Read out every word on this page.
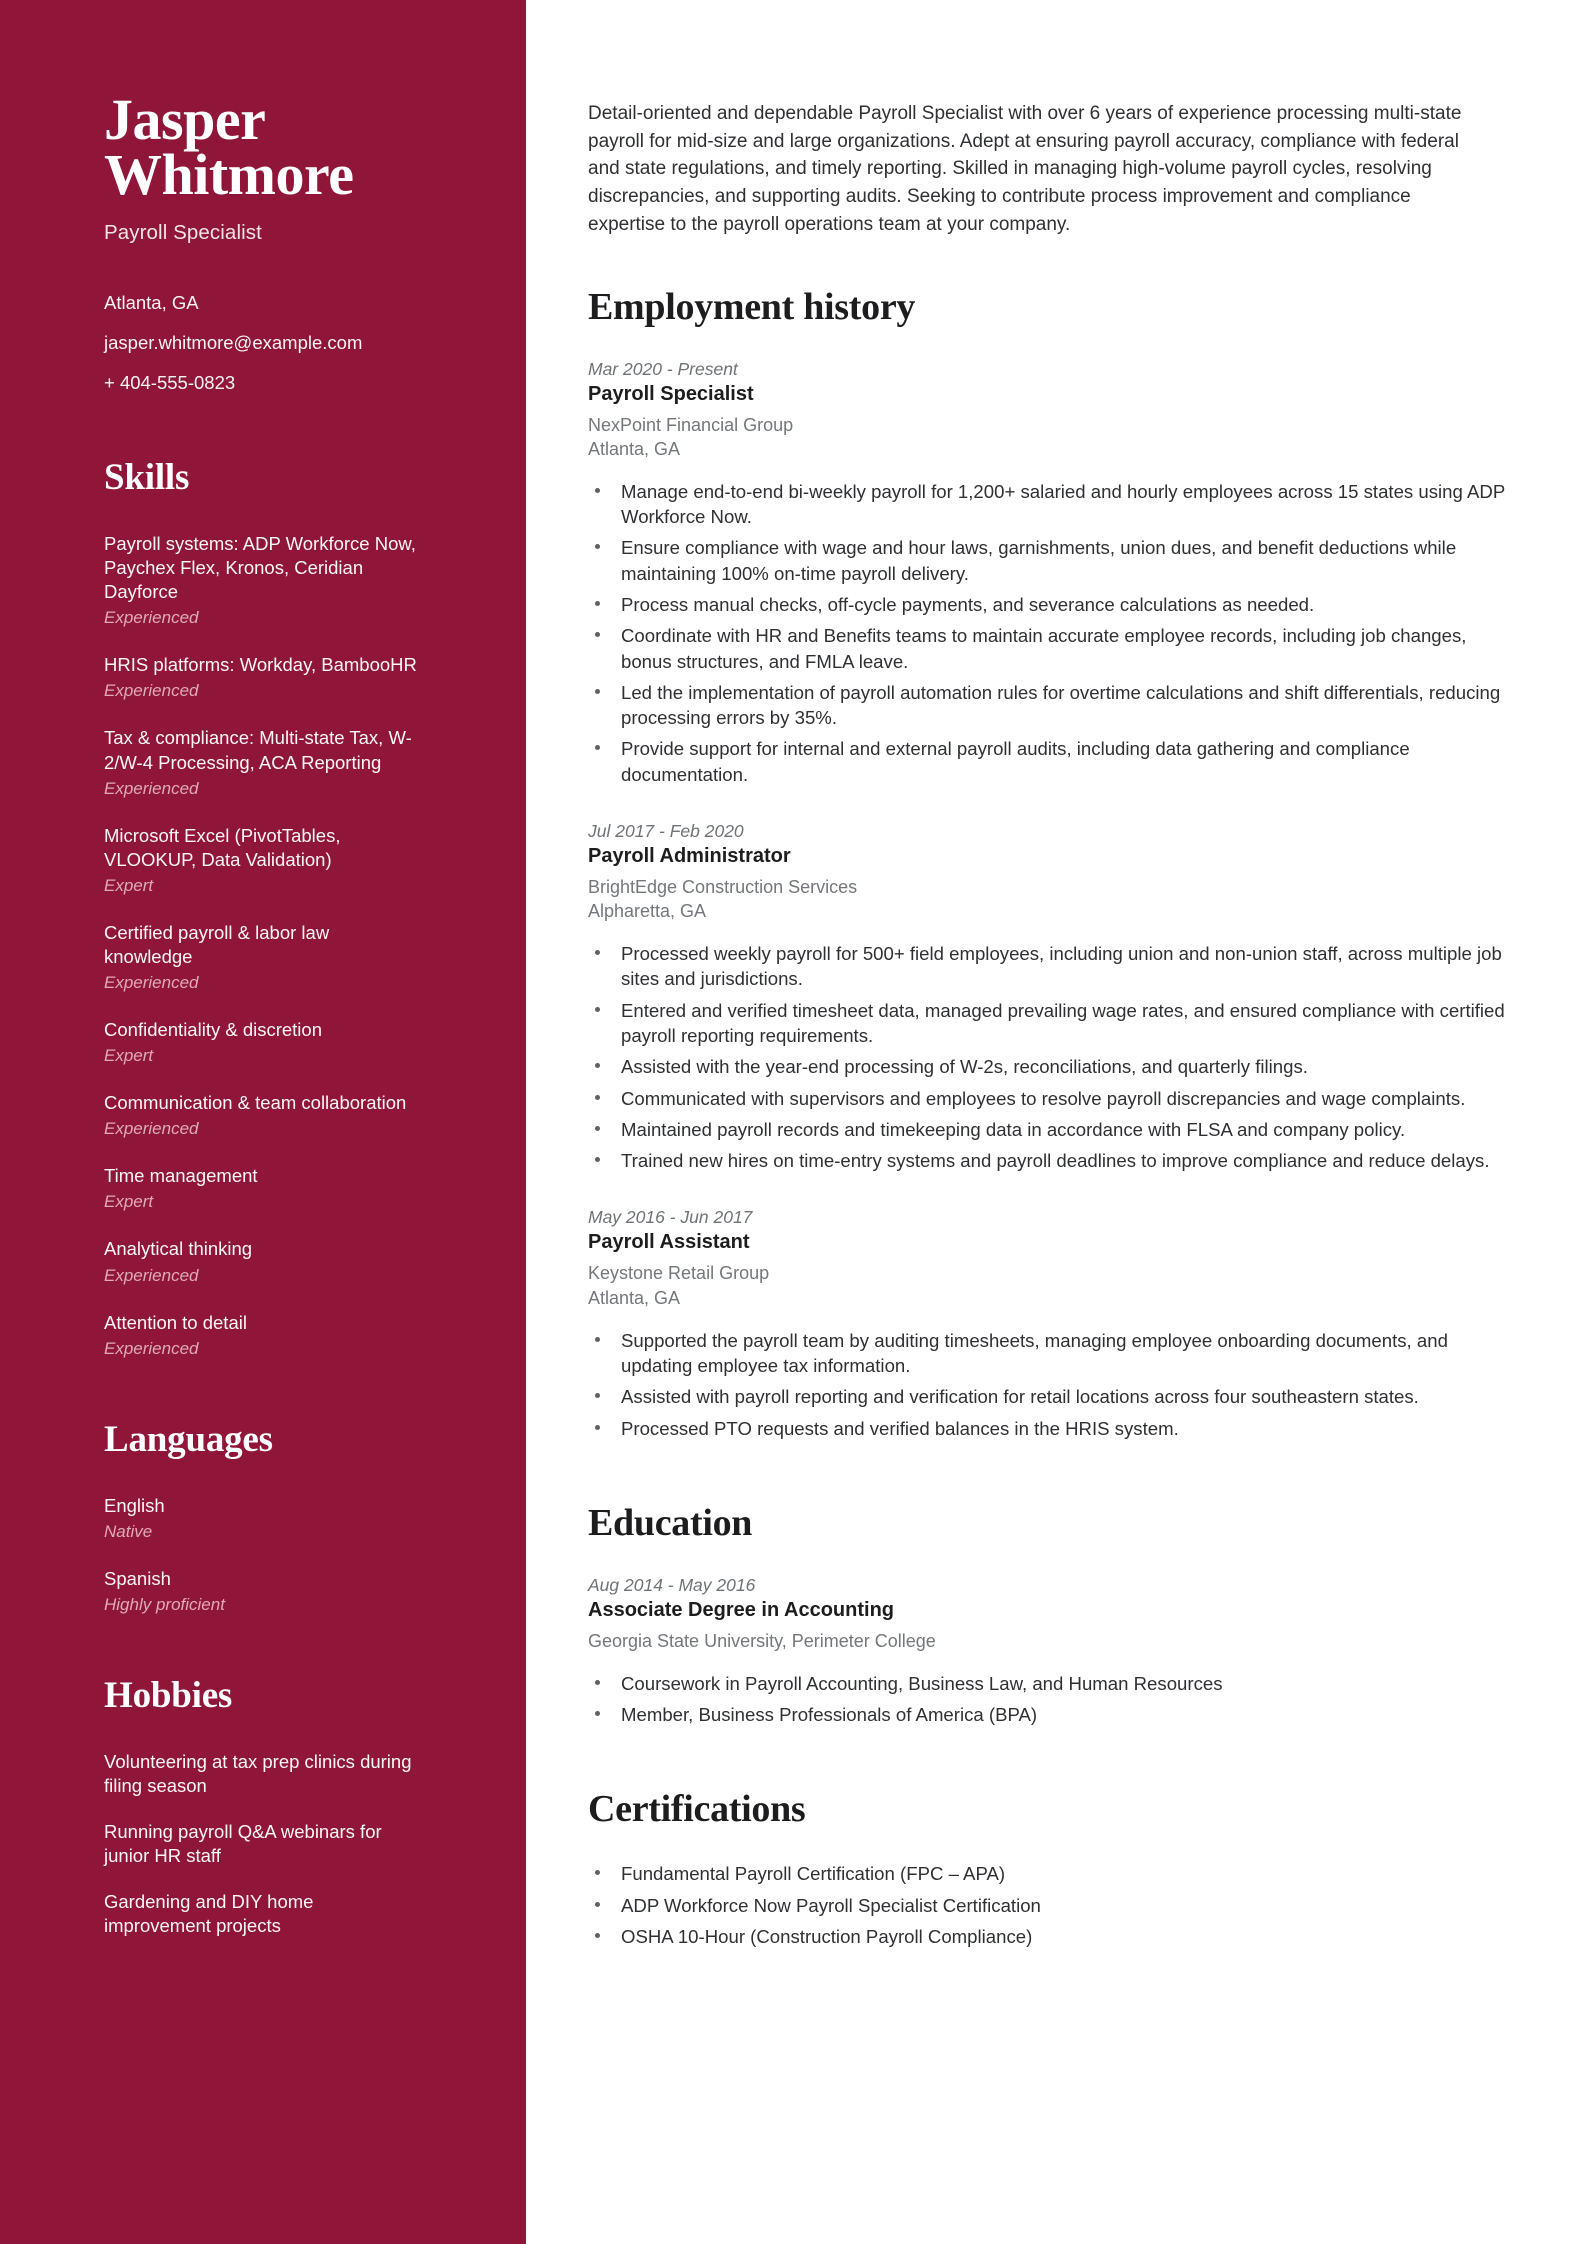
Jasper
Whitmore
Payroll Specialist
Atlanta, GA
jasper.whitmore@example.com
+ 404-555-0823
Skills
Payroll systems: ADP Workforce Now, Paychex Flex, Kronos, Ceridian Dayforce
Experienced
HRIS platforms: Workday, BambooHR
Experienced
Tax & compliance: Multi-state Tax, W-2/W-4 Processing, ACA Reporting
Experienced
Microsoft Excel (PivotTables, VLOOKUP, Data Validation)
Expert
Certified payroll & labor law knowledge
Experienced
Confidentiality & discretion
Expert
Communication & team collaboration
Experienced
Time management
Expert
Analytical thinking
Experienced
Attention to detail
Experienced
Languages
English
Native
Spanish
Highly proficient
Hobbies
Volunteering at tax prep clinics during filing season
Running payroll Q&A webinars for junior HR staff
Gardening and DIY home improvement projects

Detail-oriented and dependable Payroll Specialist with over 6 years of experience processing multi-state payroll for mid-size and large organizations. Adept at ensuring payroll accuracy, compliance with federal and state regulations, and timely reporting. Skilled in managing high-volume payroll cycles, resolving discrepancies, and supporting audits. Seeking to contribute process improvement and compliance expertise to the payroll operations team at your company.

Employment history
Mar 2020 - Present
Payroll Specialist
NexPoint Financial Group
Atlanta, GA
Manage end-to-end bi-weekly payroll for 1,200+ salaried and hourly employees across 15 states using ADP Workforce Now.
Ensure compliance with wage and hour laws, garnishments, union dues, and benefit deductions while maintaining 100% on-time payroll delivery.
Process manual checks, off-cycle payments, and severance calculations as needed.
Coordinate with HR and Benefits teams to maintain accurate employee records, including job changes, bonus structures, and FMLA leave.
Led the implementation of payroll automation rules for overtime calculations and shift differentials, reducing processing errors by 35%.
Provide support for internal and external payroll audits, including data gathering and compliance documentation.
Jul 2017 - Feb 2020
Payroll Administrator
BrightEdge Construction Services
Alpharetta, GA
Processed weekly payroll for 500+ field employees, including union and non-union staff, across multiple job sites and jurisdictions.
Entered and verified timesheet data, managed prevailing wage rates, and ensured compliance with certified payroll reporting requirements.
Assisted with the year-end processing of W-2s, reconciliations, and quarterly filings.
Communicated with supervisors and employees to resolve payroll discrepancies and wage complaints.
Maintained payroll records and timekeeping data in accordance with FLSA and company policy.
Trained new hires on time-entry systems and payroll deadlines to improve compliance and reduce delays.
May 2016 - Jun 2017
Payroll Assistant
Keystone Retail Group
Atlanta, GA
Supported the payroll team by auditing timesheets, managing employee onboarding documents, and updating employee tax information.
Assisted with payroll reporting and verification for retail locations across four southeastern states.
Processed PTO requests and verified balances in the HRIS system.
Education
Aug 2014 - May 2016
Associate Degree in Accounting
Georgia State University, Perimeter College
Coursework in Payroll Accounting, Business Law, and Human Resources
Member, Business Professionals of America (BPA)
Certifications
Fundamental Payroll Certification (FPC – APA)
ADP Workforce Now Payroll Specialist Certification
OSHA 10-Hour (Construction Payroll Compliance)
